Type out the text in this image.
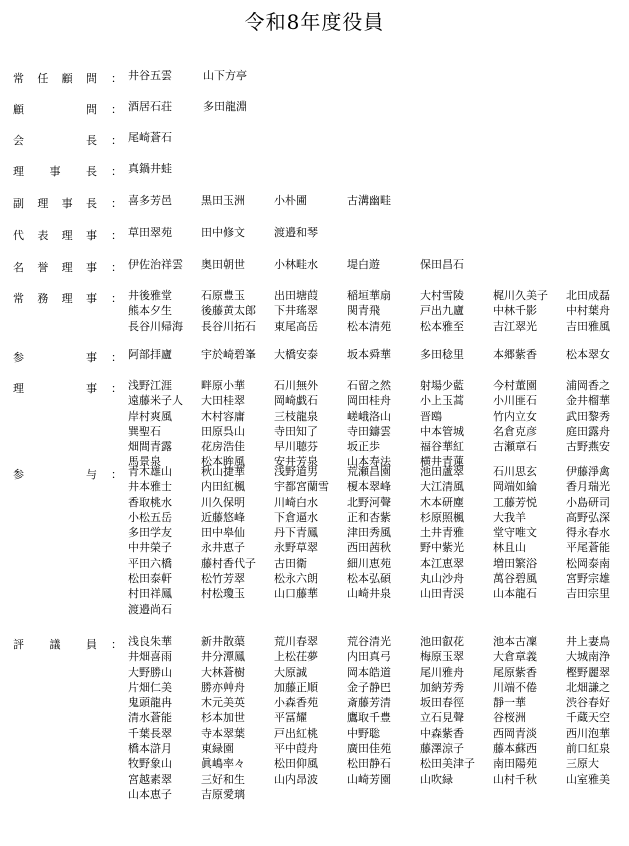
令和8年度役員
常任顧問 ： 井谷五雲	山下方亭
顧問 ： 酒居石荘	多田龍淵
会長 ： 尾崎蒼石
理事長 ： 真鍋井蛙
副理事長 ： 喜多芳邑	黒田玉洲	小朴圃	古溝幽畦
代表理事 ： 草田翠苑	田中修文	渡邉和琴
名誉理事 ： 伊佐治祥雲 奥田朝世	小林畦水	堤白遊	保田昌石
常務理事 ： 井後雅堂	石原豊玉	出田塘葭	稲垣華扇	大村雪陵	梶川久美子 北田成磊
熊本夕生	後藤黄太郎 下井瑤翠	関青飛	戸出九廬	中林千影	中村葉舟
長谷川帰海 長谷川拓石 東尾高岳	松本清苑	松本雅至	吉江翠光	吉田雅風
参事 ： 阿部拝廬	宇於崎碧峯 大橋安泰	坂本舜華	多田稔里	本郷紫香	松本翠女
理事 ： 浅野江涯	畔原小華	石川無外	石留之然	射場少藍	今村董園	浦岡香之
遠藤米子人 大田桂翠	岡崎戯石	岡田桂舟	小上玉蒿	小川匪石	金井榴華
岸村爽風	木村容庸	三枝龍泉	嵯峨洛山	晋鴎	竹内立女	武田黎秀
巽聖石	田原呉山	寺田知了	寺田鑄雲	中本管城	名倉克彦	庭田露舟
畑間青露	花房浩佳	早川聴芬	坂正歩	福谷華紅	古瀬章石	古野燕安
馬景泉	松本眸風	安井芳泉	山本寿法	横井青蓮
参与 ： 青木雄山	秋山捷華	浅野道男	荒瀬昌園	池田蘆翠	石川思玄	伊藤淨禽
井本雅士	内田紅楓	宇都宮蘭雪 榎本翠峰	大江清風	岡端如綸	香月瑞光
香取桃水	川久保明	川崎白水	北野河聲	木本研塵	工藤芳悦	小島研司
小松五岳	近藤悠峰	下倉逼水	正和杏紫	杉原照楓	大我羊	高野弘深
多田学友	田中皋仙	丹下青鳳	津田秀風	土井青雅	堂守唯文	得永春水
中井榮子	永井恵子	永野草翠	西田茜秋	野中紫光	林且山	平尾蒼能
平田六橋	藤村香代子 古田衛	細川恵苑	本江恵翠	増田繁浴	松岡泰南
松田泰軒	松竹芳翠	松永六朗	松本弘碩	丸山沙舟	萬谷碧風	宮野宗雄
村田祥鳳	村松瓊玉	山口藤華	山崎井泉	山田青渓	山本龍石	吉田宗里
渡邉尚石
評議員 ： 浅良朱華	新井散蕖	荒川春翠	荒谷清光	池田叡花	池本古凜	井上妻鳥
井畑喜雨	井分潭鳳	上松茌夢	内田真弓	梅原玉翠	大倉章義	大城南浄
大野勝山	大林蒼樹	大原誠	岡本皓道	尾川雅舟	尾原紫香	樫野麗翠
片畑仁美	勝亦艸舟	加藤正順	金子静巴	加納芳秀	川端不倦	北畑謙之
鬼頭龍冉	木元美英	小森香苑	斎藤芳清	坂田春徑	靜一華	渋谷春好
清水蒼能	杉本加世	平冨耀	鷹取千豊	立石見聲	谷桜洲	千蔵天空
千葉長翠	寺本翠葉	戸出紅桃	中野聡	中森紫香	西岡青淡	西川泡華
橋本滸月	東緑園	平中葭舟	廣田佳苑	藤澤涼子	藤本蘇西	前口紅泉
牧野象山	眞嶋率々	松田仰風	松田静石	松田美津子 南田陽苑	三原大
宮越素翠	三好和生	山内昂波	山崎芳園	山吹緑	山村千秋	山室雅美
山本恵子	吉原愛璃
